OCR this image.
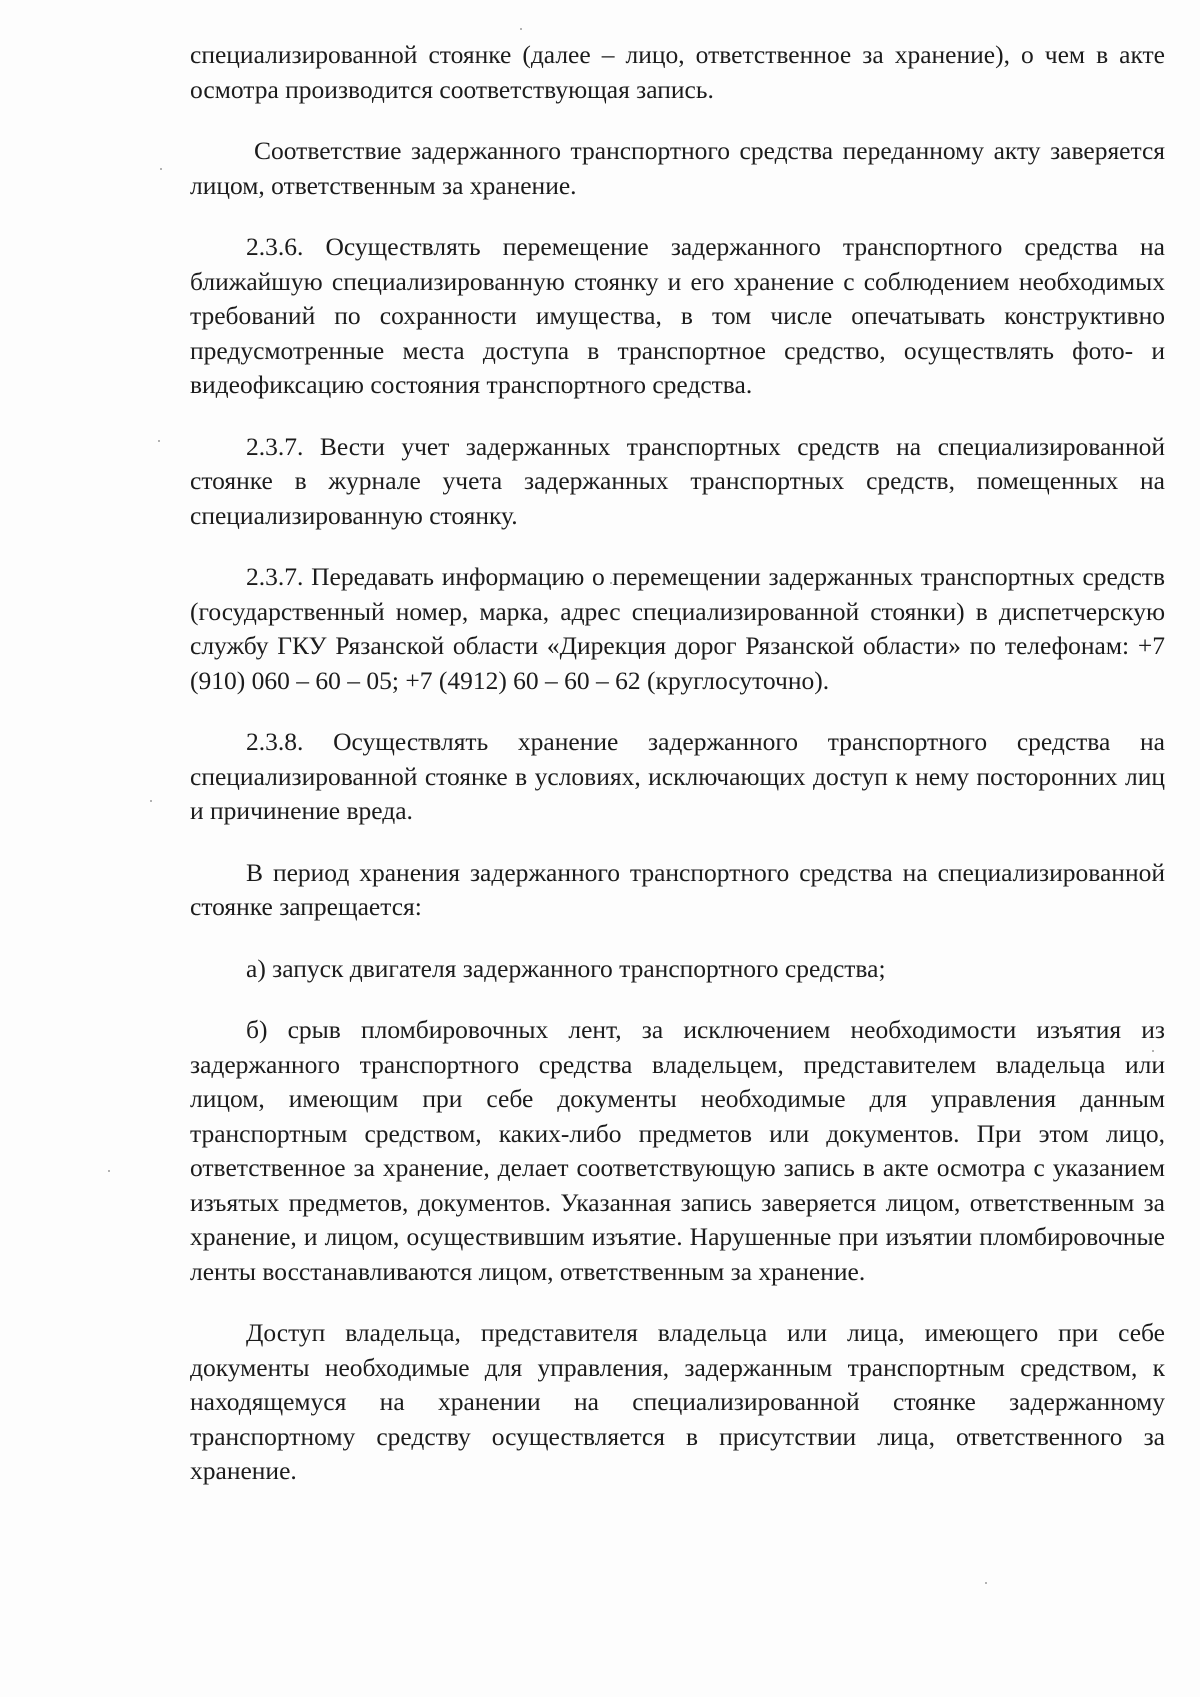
специализированной стоянке (далее – лицо, ответственное за хранение), о чем в акте осмотра производится соответствующая запись.

Соответствие задержанного транспортного средства переданному акту заверяется лицом, ответственным за хранение.

2.3.6. Осуществлять перемещение задержанного транспортного средства на ближайшую специализированную стоянку и его хранение с соблюдением необходимых требований по сохранности имущества, в том числе опечатывать конструктивно предусмотренные места доступа в транспортное средство, осуществлять фото- и видеофиксацию состояния транспортного средства.

2.3.7. Вести учет задержанных транспортных средств на специализированной стоянке в журнале учета задержанных транспортных средств, помещенных на специализированную стоянку.

2.3.7. Передавать информацию о перемещении задержанных транспортных средств (государственный номер, марка, адрес специализированной стоянки) в диспетчерскую службу ГКУ Рязанской области «Дирекция дорог Рязанской области» по телефонам: +7 (910) 060 – 60 – 05; +7 (4912) 60 – 60 – 62 (круглосуточно).

2.3.8. Осуществлять хранение задержанного транспортного средства на специализированной стоянке в условиях, исключающих доступ к нему посторонних лиц и причинение вреда.

В период хранения задержанного транспортного средства на специализированной стоянке запрещается:

а) запуск двигателя задержанного транспортного средства;

б) срыв пломбировочных лент, за исключением необходимости изъятия из задержанного транспортного средства владельцем, представителем владельца или лицом, имеющим при себе документы необходимые для управления данным транспортным средством, каких-либо предметов или документов. При этом лицо, ответственное за хранение, делает соответствующую запись в акте осмотра с указанием изъятых предметов, документов. Указанная запись заверяется лицом, ответственным за хранение, и лицом, осуществившим изъятие. Нарушенные при изъятии пломбировочные ленты восстанавливаются лицом, ответственным за хранение.

Доступ владельца, представителя владельца или лица, имеющего при себе документы необходимые для управления, задержанным транспортным средством, к находящемуся на хранении на специализированной стоянке задержанному транспортному средству осуществляется в присутствии лица, ответственного за хранение.
